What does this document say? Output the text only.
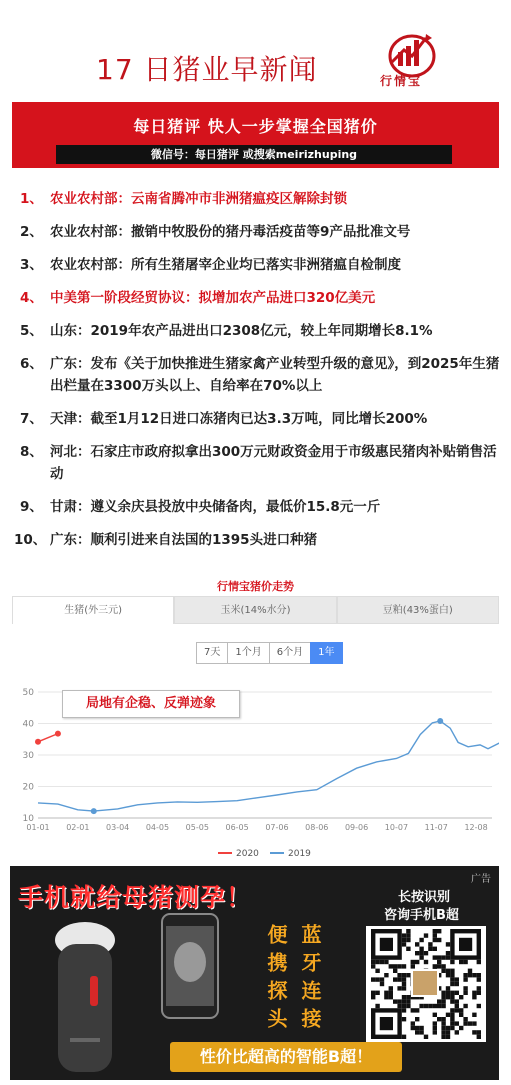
17 日猪业早新闻	行情宝
每日猪评 快人一步掌握全国猪价
微信号：每日猪评 或搜索meirizhuping
1、 农业农村部：云南省腾冲市非洲猪瘟疫区解除封锁
2、 农业农村部：撤销中牧股份的猪丹毒活疫苗等9产品批准文号
3、 农业农村部：所有生猪屠宰企业均已落实非洲猪瘟自检制度
4、 中美第一阶段经贸协议：拟增加农产品进口320亿美元
5、 山东：2019年农产品进出口2308亿元，较上年同期增长8.1%
6、 广东：发布《关于加快推进生猪家禽产业转型升级的意见》，到2025年生猪出栏量在3300万头以上、自给率在70%以上
7、 天津：截至1月12日进口冻猪肉已达3.3万吨，同比增长200%
8、 河北：石家庄市政府拟拿出300万元财政资金用于市级惠民猪肉补贴销售活动
9、 甘肃：遵义余庆县投放中央储备肉，最低价15.8元一斤
10、 广东：顺利引进来自法国的1395头进口种猪
行情宝猪价走势
生猪(外三元)	玉米(14%水分)	豆粕(43%蛋白)
7天	1个月	6个月	1年
10
20
30
40
50
01-01 02-01 03-04 04-05 05-05 06-05 07-06 08-06 09-06 10-07 11-07 12-08
2020	2019
局地有企稳、反弹迹象
广告
手机就给母猪测孕！
便携探头 蓝牙连接
长按识别
咨询手机B超
性价比超高的智能B超！
